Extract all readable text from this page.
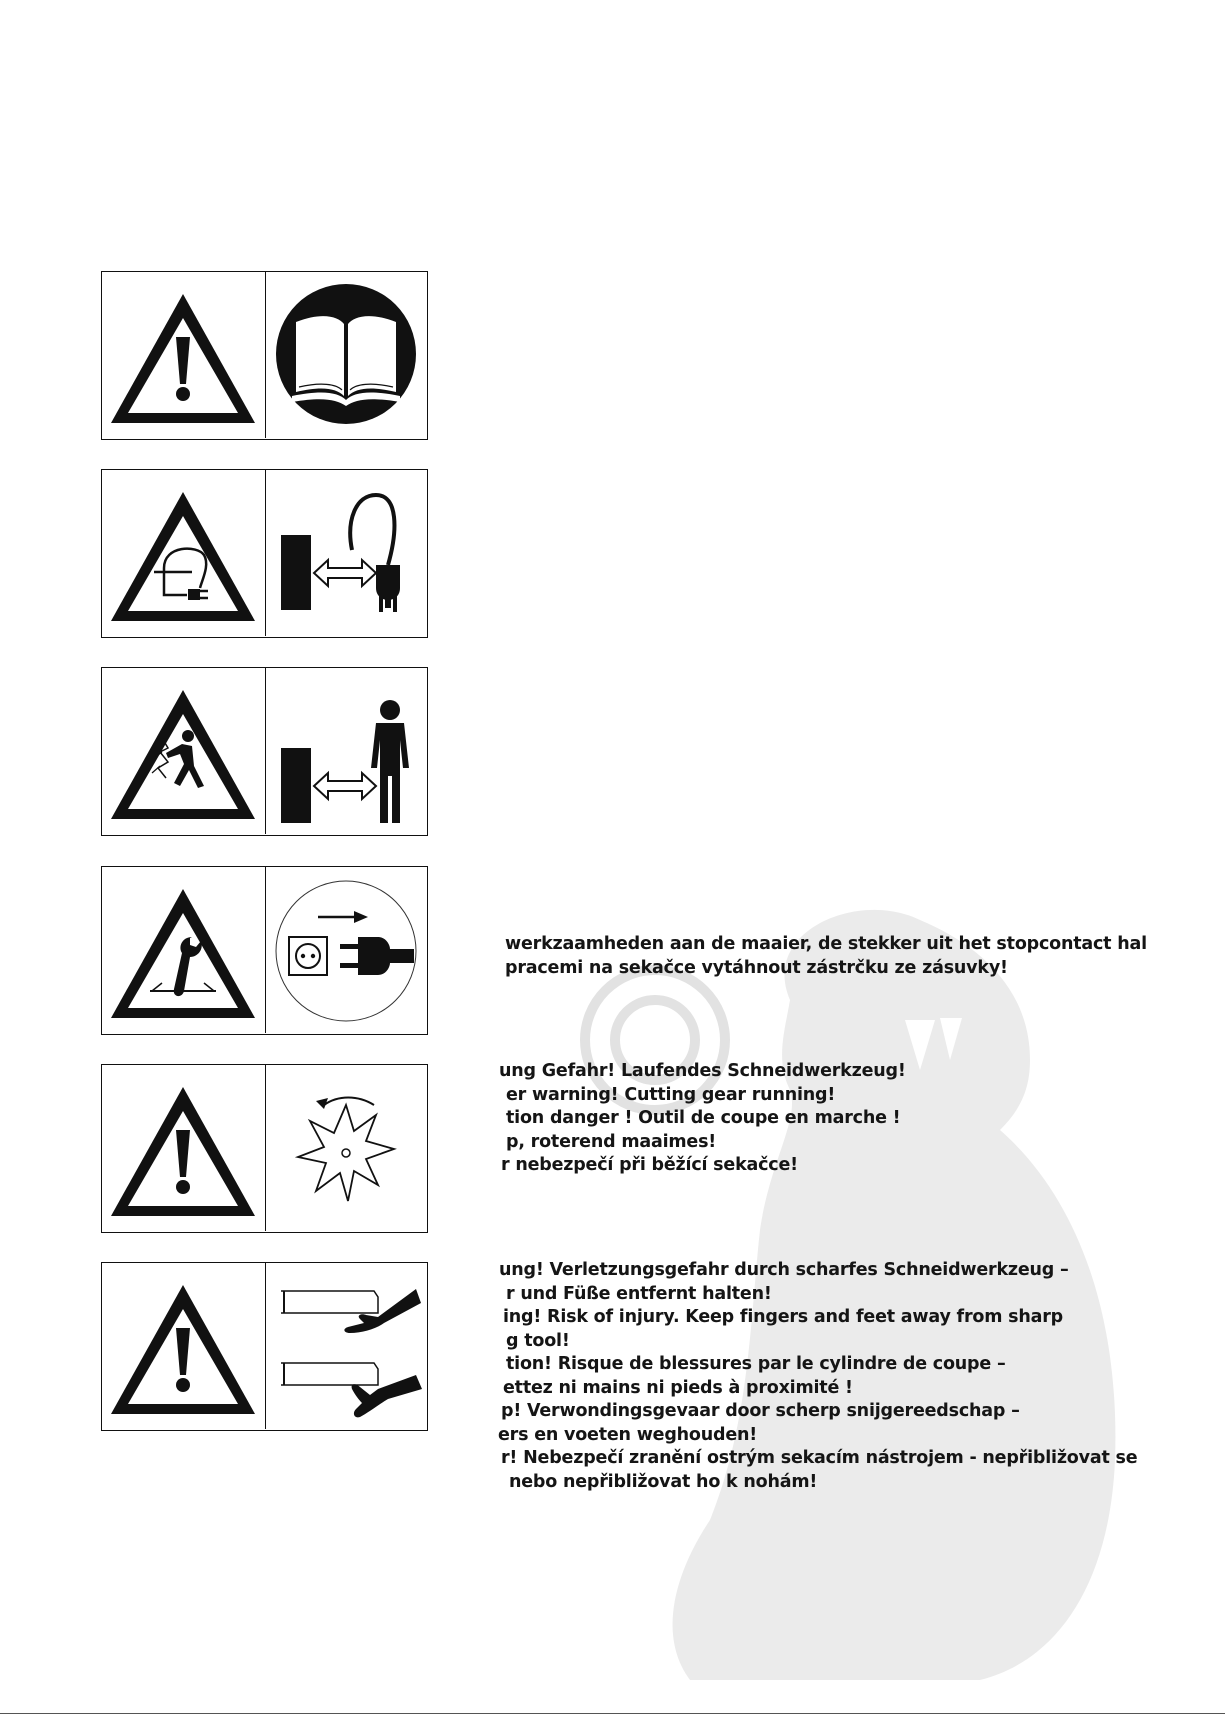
werkzaamheden aan de maaier, de stekker uit het stopcontact hal
pracemi na sekačce vytáhnout zástrčku ze zásuvky!
ung Gefahr! Laufendes Schneidwerkzeug!
er warning! Cutting gear running!
tion danger ! Outil de coupe en marche !
p, roterend maaimes!
r nebezpečí při běžící sekačce!
ung! Verletzungsgefahr durch scharfes Schneidwerkzeug –
r und Füße entfernt halten!
ing! Risk of injury. Keep fingers and feet away from sharp
g tool!
tion! Risque de blessures par le cylindre de coupe –
ettez ni mains ni pieds à proximité !
p! Verwondingsgevaar door scherp snijgereedschap –
ers en voeten weghouden!
r! Nebezpečí zranění ostrým sekacím nástrojem - nepřibližovat se
nebo nepřibližovat ho k nohám!
